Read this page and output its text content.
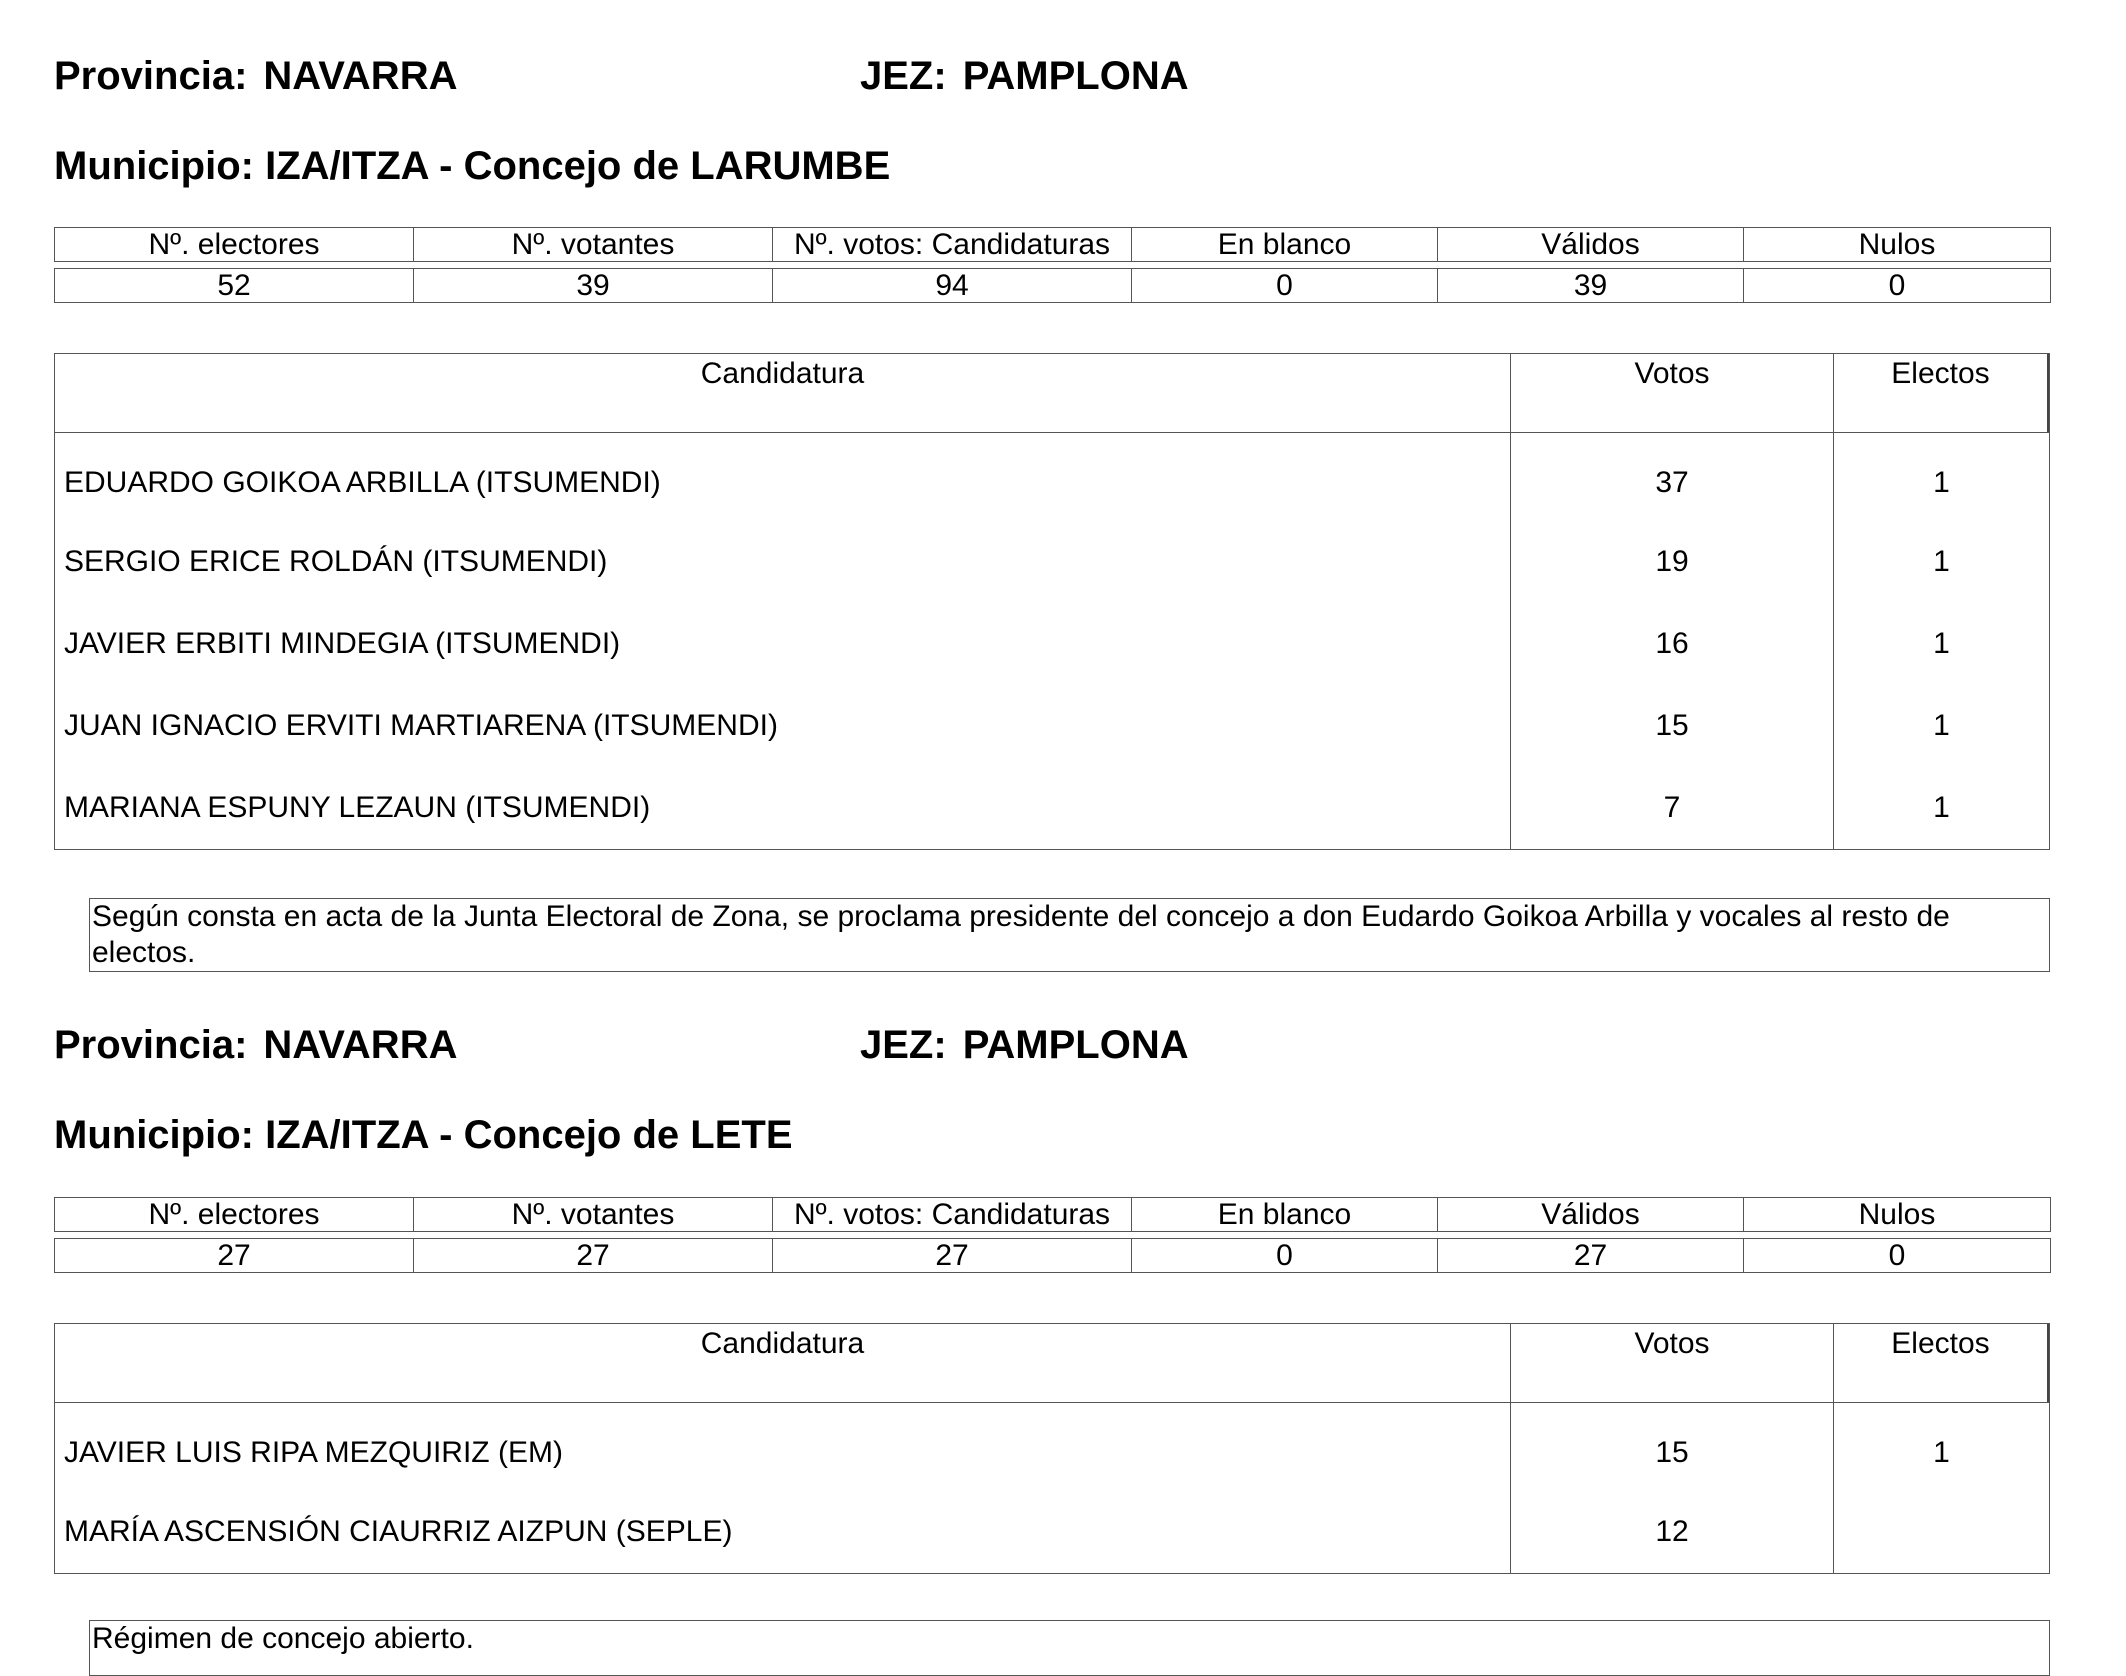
Provincia: NAVARRA	JEZ: PAMPLONA
Municipio: IZA/ITZA - Concejo de LARUMBE
Nº. electores	Nº. votantes	Nº. votos: Candidaturas	En blanco	Válidos	Nulos

52	39	94	0	39	0
Candidatura	Votos	Electos
EDUARDO GOIKOA ARBILLA (ITSUMENDI)	37	1
SERGIO ERICE ROLDÁN (ITSUMENDI)	19	1
JAVIER ERBITI MINDEGIA (ITSUMENDI)	16	1
JUAN IGNACIO ERVITI MARTIARENA (ITSUMENDI)	15	1
MARIANA ESPUNY LEZAUN (ITSUMENDI)	7	1
Según consta en acta de la Junta Electoral de Zona, se proclama presidente del concejo a don Eudardo Goikoa Arbilla y vocales al resto de electos.
Provincia: NAVARRA	JEZ: PAMPLONA
Municipio: IZA/ITZA - Concejo de LETE
Nº. electores	Nº. votantes	Nº. votos: Candidaturas	En blanco	Válidos	Nulos

27	27	27	0	27	0
Candidatura	Votos	Electos
JAVIER LUIS RIPA MEZQUIRIZ (EM)	15	1
MARÍA ASCENSIÓN CIAURRIZ AIZPUN (SEPLE)	12
Régimen de concejo abierto.
